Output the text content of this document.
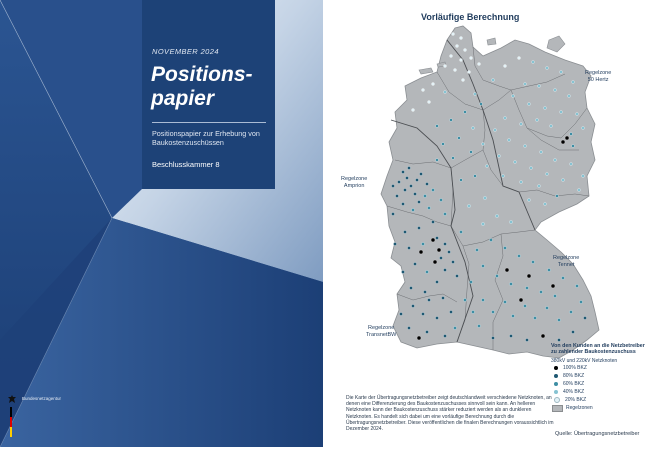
NOVEMBER 2024
Positions-
papier
Positionspapier zur Erhebung von Baukostenzuschüssen
Beschlusskammer 8
Bundesnetzagentur
Vorläufige Berechnung
Regelzone
50 Hertz
Regelzone
Amprion
Regelzone
Tennet
Regelzone
TransnetBW
Von den Kunden an die Netzbetreiber zu zahlender Baukostenzuschuss
380kV und 220kV Netzknoten
100% BKZ
80% BKZ
60% BKZ
40% BKZ
20% BKZ
Regelzonen
Die Karte der Übertragungsnetzbetreiber zeigt deutschlandweit verschiedene Netzknoten, an denen eine Differenzierung des Baukostenzuschusses sinnvoll sein kann. An helleren Netzknoten kann der Baukostenzuschuss stärker reduziert werden als an dunkleren Netzknoten. Es handelt sich dabei um eine vorläufige Berechnung durch die Übertragungsnetzbetreiber. Diese veröffentlichen die finalen Berechnungen voraussichtlich im Dezember 2024.
Quelle: Übertragungsnetzbetreiber
